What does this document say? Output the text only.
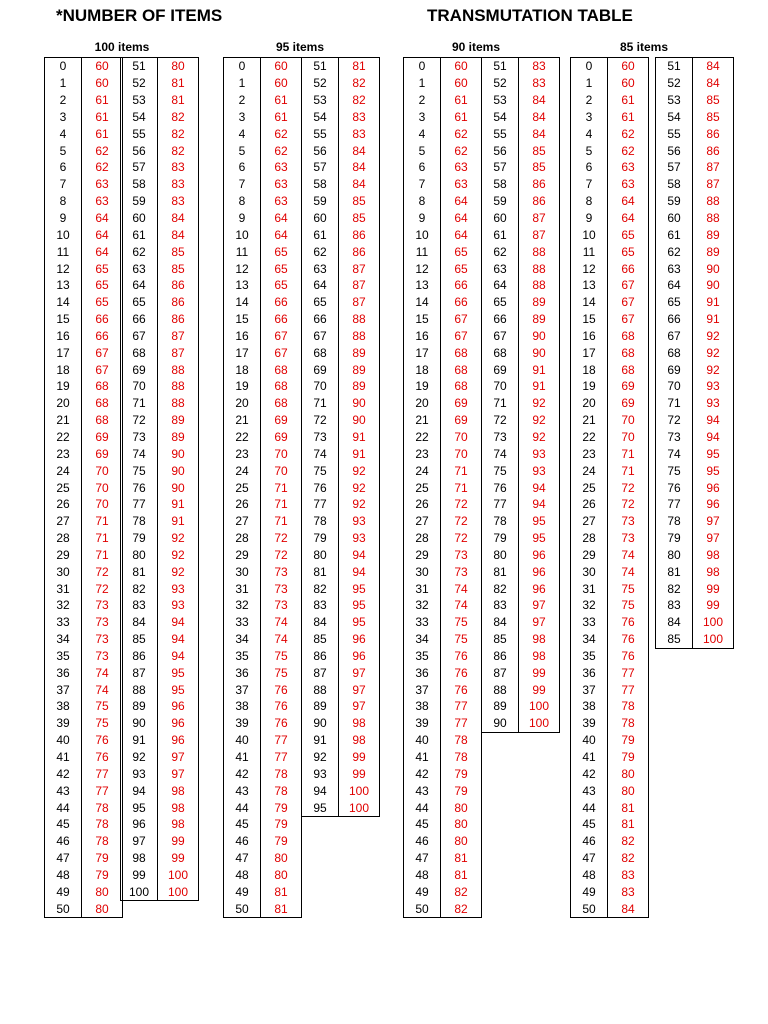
*NUMBER OF ITEMS	TRANSMUTATION TABLE
100 items
0	60
1	60
2	61
3	61
4	61
5	62
6	62
7	63
8	63
9	64
10	64
11	64
12	65
13	65
14	65
15	66
16	66
17	67
18	67
19	68
20	68
21	68
22	69
23	69
24	70
25	70
26	70
27	71
28	71
29	71
30	72
31	72
32	73
33	73
34	73
35	73
36	74
37	74
38	75
39	75
40	76
41	76
42	77
43	77
44	78
45	78
46	78
47	79
48	79
49	80
50	80
51	80
52	81
53	81
54	82
55	82
56	82
57	83
58	83
59	83
60	84
61	84
62	85
63	85
64	86
65	86
66	86
67	87
68	87
69	88
70	88
71	88
72	89
73	89
74	90
75	90
76	90
77	91
78	91
79	92
80	92
81	92
82	93
83	93
84	94
85	94
86	94
87	95
88	95
89	96
90	96
91	96
92	97
93	97
94	98
95	98
96	98
97	99
98	99
99	100
100	100
95 items
0	60
1	60
2	61
3	61
4	62
5	62
6	63
7	63
8	63
9	64
10	64
11	65
12	65
13	65
14	66
15	66
16	67
17	67
18	68
19	68
20	68
21	69
22	69
23	70
24	70
25	71
26	71
27	71
28	72
29	72
30	73
31	73
32	73
33	74
34	74
35	75
36	75
37	76
38	76
39	76
40	77
41	77
42	78
43	78
44	79
45	79
46	79
47	80
48	80
49	81
50	81
51	81
52	82
53	82
54	83
55	83
56	84
57	84
58	84
59	85
60	85
61	86
62	86
63	87
64	87
65	87
66	88
67	88
68	89
69	89
70	89
71	90
72	90
73	91
74	91
75	92
76	92
77	92
78	93
79	93
80	94
81	94
82	95
83	95
84	95
85	96
86	96
87	97
88	97
89	97
90	98
91	98
92	99
93	99
94	100
95	100
90 items
0	60
1	60
2	61
3	61
4	62
5	62
6	63
7	63
8	64
9	64
10	64
11	65
12	65
13	66
14	66
15	67
16	67
17	68
18	68
19	68
20	69
21	69
22	70
23	70
24	71
25	71
26	72
27	72
28	72
29	73
30	73
31	74
32	74
33	75
34	75
35	76
36	76
37	76
38	77
39	77
40	78
41	78
42	79
43	79
44	80
45	80
46	80
47	81
48	81
49	82
50	82
51	83
52	83
53	84
54	84
55	84
56	85
57	85
58	86
59	86
60	87
61	87
62	88
63	88
64	88
65	89
66	89
67	90
68	90
69	91
70	91
71	92
72	92
73	92
74	93
75	93
76	94
77	94
78	95
79	95
80	96
81	96
82	96
83	97
84	97
85	98
86	98
87	99
88	99
89	100
90	100
85 items
0	60
1	60
2	61
3	61
4	62
5	62
6	63
7	63
8	64
9	64
10	65
11	65
12	66
13	67
14	67
15	67
16	68
17	68
18	68
19	69
20	69
21	70
22	70
23	71
24	71
25	72
26	72
27	73
28	73
29	74
30	74
31	75
32	75
33	76
34	76
35	76
36	77
37	77
38	78
39	78
40	79
41	79
42	80
43	80
44	81
45	81
46	82
47	82
48	83
49	83
50	84
51	84
52	84
53	85
54	85
55	86
56	86
57	87
58	87
59	88
60	88
61	89
62	89
63	90
64	90
65	91
66	91
67	92
68	92
69	92
70	93
71	93
72	94
73	94
74	95
75	95
76	96
77	96
78	97
79	97
80	98
81	98
82	99
83	99
84	100
85	100
